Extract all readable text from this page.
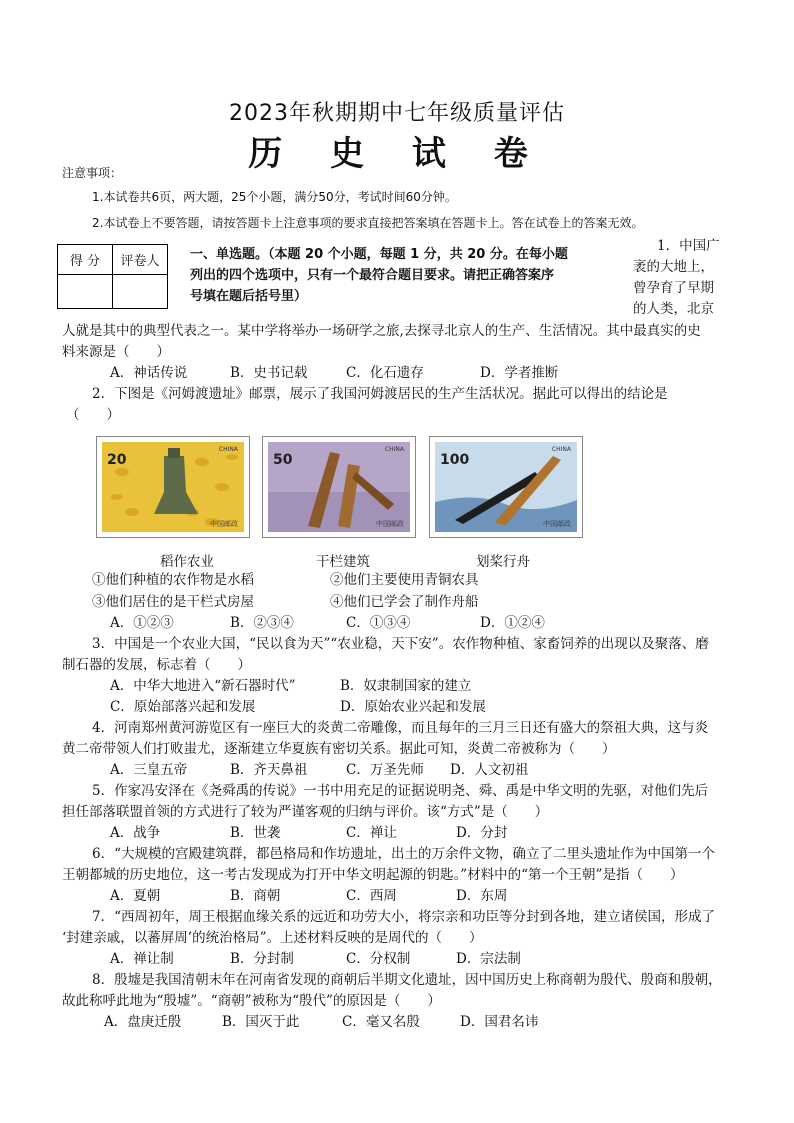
2023年秋期期中七年级质量评估
历 史 试 卷
注意事项：
1.本试卷共6页，两大题，25个小题，满分50分，考试时间60分钟。
2.本试卷上不要答题，请按答题卡上注意事项的要求直接把答案填在答题卡上。答在试卷上的答案无效。
得 分	评卷人
	一、单选题。（本题 20 个小题，每题 1 分，共 20 分。在每小题
列出的四个选项中，只有一个最符合题目要求。请把正确答案序
号填在题后括号里）
1．中国广
袤的大地上，
曾孕育了早期
的人类，北京
人就是其中的典型代表之一。某中学将举办一场研学之旅,去探寻北京人的生产、生活情况。其中最真实的史
料来源是（　　）
A．神话传说	B．史书记载	C．化石遗存	D．学者推断
2．下图是《河姆渡遗址》邮票，展示了我国河姆渡居民的生产生活状况。据此可以得出的结论是
（　　）
20
CHINA
中国邮政
50
CHINA
中国邮政
100
CHINA
中国邮政
稻作农业	干栏建筑	划桨行舟
①他们种植的农作物是水稻	②他们主要使用青铜农具
③他们居住的是干栏式房屋	④他们已学会了制作舟船
A．①②③	B．②③④	C．①③④	D．①②④
3．中国是一个农业大国，“民以食为天”“农业稳，天下安”。农作物种植、家畜饲养的出现以及聚落、磨
制石器的发展，标志着（　　）
A．中华大地进入“新石器时代”	B．奴隶制国家的建立
C．原始部落兴起和发展	D．原始农业兴起和发展
4．河南郑州黄河游览区有一座巨大的炎黄二帝雕像，而且每年的三月三日还有盛大的祭祖大典，这与炎
黄二帝带领人们打败蚩尤，逐渐建立华夏族有密切关系。据此可知，炎黄二帝被称为（　　）
A．三皇五帝	B．齐天鼻祖	C．万圣先师 D．人文初祖
5．作家冯安泽在《尧舜禹的传说》一书中用充足的证据说明尧、舜、禹是中华文明的先驱，对他们先后
担任部落联盟首领的方式进行了较为严谨客观的归纳与评价。该“方式”是（　　）
A．战争	B．世袭	C．禅让	D．分封
6．“大规模的宫殿建筑群，都邑格局和作坊遗址，出土的万余件文物，确立了二里头遗址作为中国第一个
王朝都城的历史地位，这一考古发现成为打开中华文明起源的钥匙。”材料中的“第一个王朝”是指（　　）
A．夏朝	B．商朝	C．西周	D．东周
7．“西周初年，周王根据血缘关系的远近和功劳大小，将宗亲和功臣等分封到各地，建立诸侯国，形成了
‘封建亲戚，以蕃屏周’的统治格局”。上述材料反映的是周代的（　　）
A．禅让制	B．分封制	C．分权制	D．宗法制
8．殷墟是我国清朝末年在河南省发现的商朝后半期文化遗址，因中国历史上称商朝为殷代、殷商和殷朝，
故此称呼此地为“殷墟”。“商朝”被称为“殷代”的原因是（　　）
A．盘庚迁殷	B．国灭于此	C．毫又名殷	D．国君名讳
